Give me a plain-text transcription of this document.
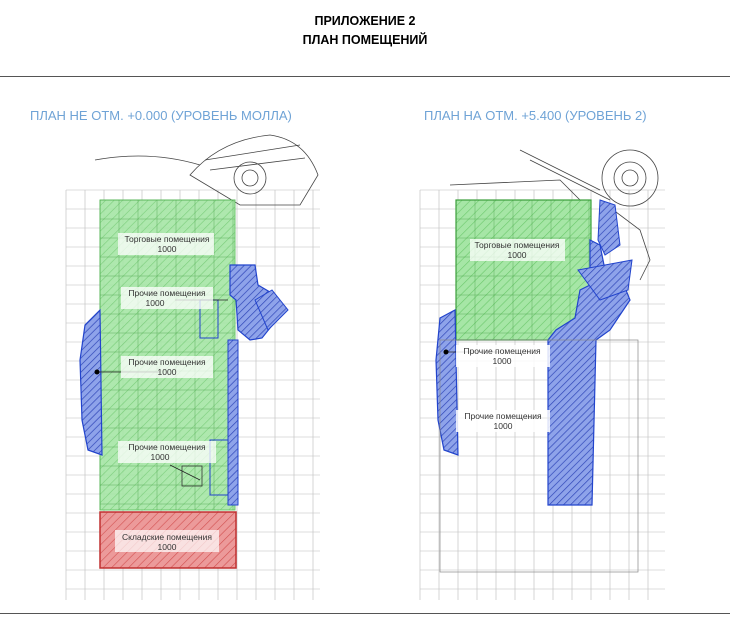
ПРИЛОЖЕНИЕ 2
ПЛАН ПОМЕЩЕНИЙ
ПЛАН НЕ ОТМ. +0.000 (УРОВЕНЬ МОЛЛА)	ПЛАН НА ОТМ. +5.400 (УРОВЕНЬ 2)
Торговые помещения
1000
Прочие помещения
1000
Прочие помещения
1000
Прочие помещения
1000
Складские помещения
1000
Торговые помещения
1000
Прочие помещения
1000
Прочие помещения
1000
